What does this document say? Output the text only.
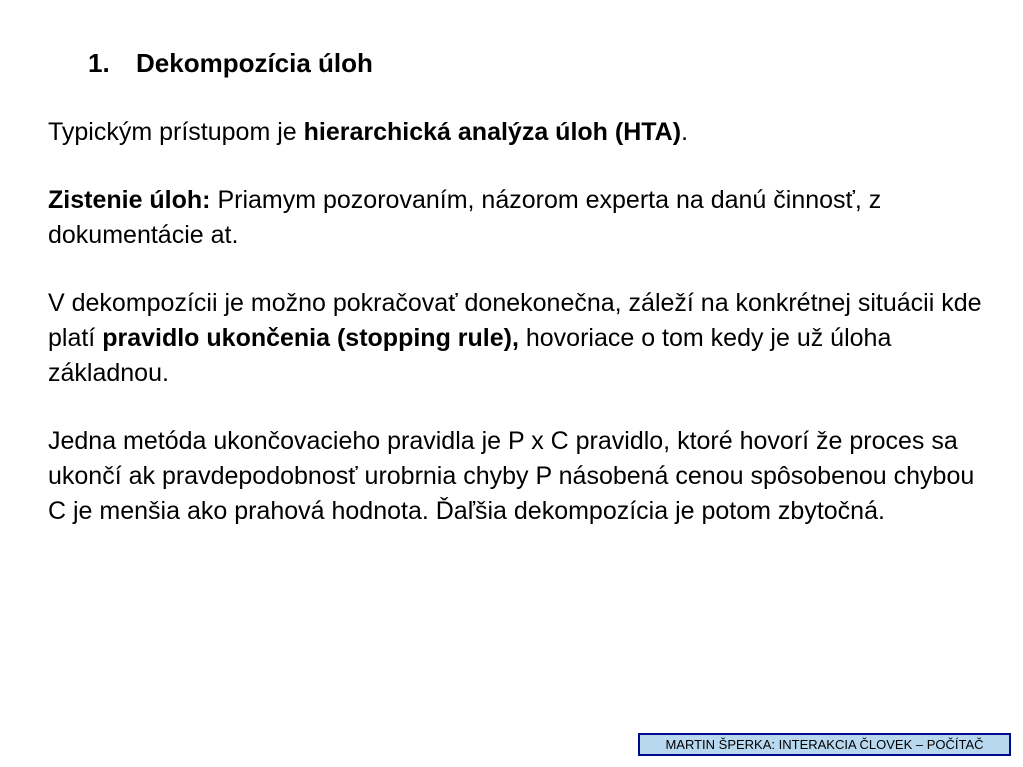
1. Dekompozícia úloh

Typickým prístupom je hierarchická analýza úloh (HTA).

Zistenie úloh: Priamym pozorovaním, názorom experta na danú činnosť, z dokumentácie at.

V dekompozícii je možno pokračovať donekonečna, záleží na konkrétnej situácii kde platí pravidlo ukončenia (stopping rule), hovoriace o tom kedy je už úloha základnou.

Jedna metóda ukončovacieho pravidla je P x C pravidlo, ktoré hovorí že proces sa ukončí ak pravdepodobnosť urobrnia chyby P násobená cenou spôsobenou chybou C je menšia ako prahová hodnota. Ďaľšia dekompozícia je potom zbytočná.

MARTIN ŠPERKA: INTERAKCIA ČLOVEK – POČÍTAČ
